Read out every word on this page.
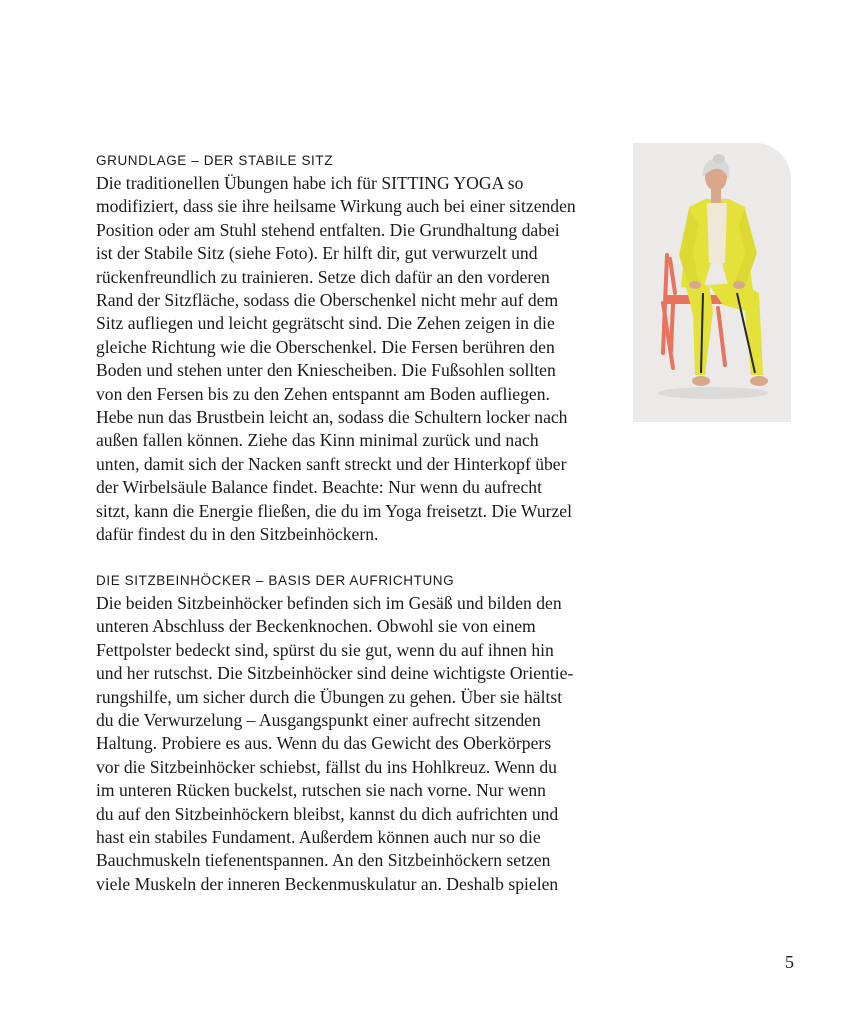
GRUNDLAGE – DER STABILE SITZ

Die traditionellen Übungen habe ich für SITTING YOGA so
modifiziert, dass sie ihre heilsame Wirkung auch bei einer sitzenden
Position oder am Stuhl stehend entfalten. Die Grundhaltung dabei
ist der Stabile Sitz (siehe Foto). Er hilft dir, gut verwurzelt und
rückenfreundlich zu trainieren. Setze dich dafür an den vorderen
Rand der Sitzfläche, sodass die Oberschenkel nicht mehr auf dem
Sitz aufliegen und leicht gegrätscht sind. Die Zehen zeigen in die
gleiche Richtung wie die Oberschenkel. Die Fersen berühren den
Boden und stehen unter den Kniescheiben. Die Fußsohlen sollten
von den Fersen bis zu den Zehen entspannt am Boden aufliegen.
Hebe nun das Brustbein leicht an, sodass die Schultern locker nach
außen fallen können. Ziehe das Kinn minimal zurück und nach
unten, damit sich der Nacken sanft streckt und der Hinterkopf über
der Wirbelsäule Balance findet. Beachte: Nur wenn du aufrecht
sitzt, kann die Energie fließen, die du im Yoga freisetzt. Die Wurzel
dafür findest du in den Sitzbeinhöckern.

DIE SITZBEINHÖCKER – BASIS DER AUFRICHTUNG

Die beiden Sitzbeinhöcker befinden sich im Gesäß und bilden den
unteren Abschluss der Beckenknochen. Obwohl sie von einem
Fettpolster bedeckt sind, spürst du sie gut, wenn du auf ihnen hin
und her rutschst. Die Sitzbeinhöcker sind deine wichtigste Orientie-
rungshilfe, um sicher durch die Übungen zu gehen. Über sie hältst
du die Verwurzelung – Ausgangspunkt einer aufrecht sitzenden
Haltung. Probiere es aus. Wenn du das Gewicht des Oberkörpers
vor die Sitzbeinhöcker schiebst, fällst du ins Hohlkreuz. Wenn du
im unteren Rücken buckelst, rutschen sie nach vorne. Nur wenn
du auf den Sitzbeinhöckern bleibst, kannst du dich aufrichten und
hast ein stabiles Fundament. Außerdem können auch nur so die
Bauchmuskeln tiefenentspannen. An den Sitzbeinhöckern setzen
viele Muskeln der inneren Beckenmuskulatur an. Deshalb spielen

5
